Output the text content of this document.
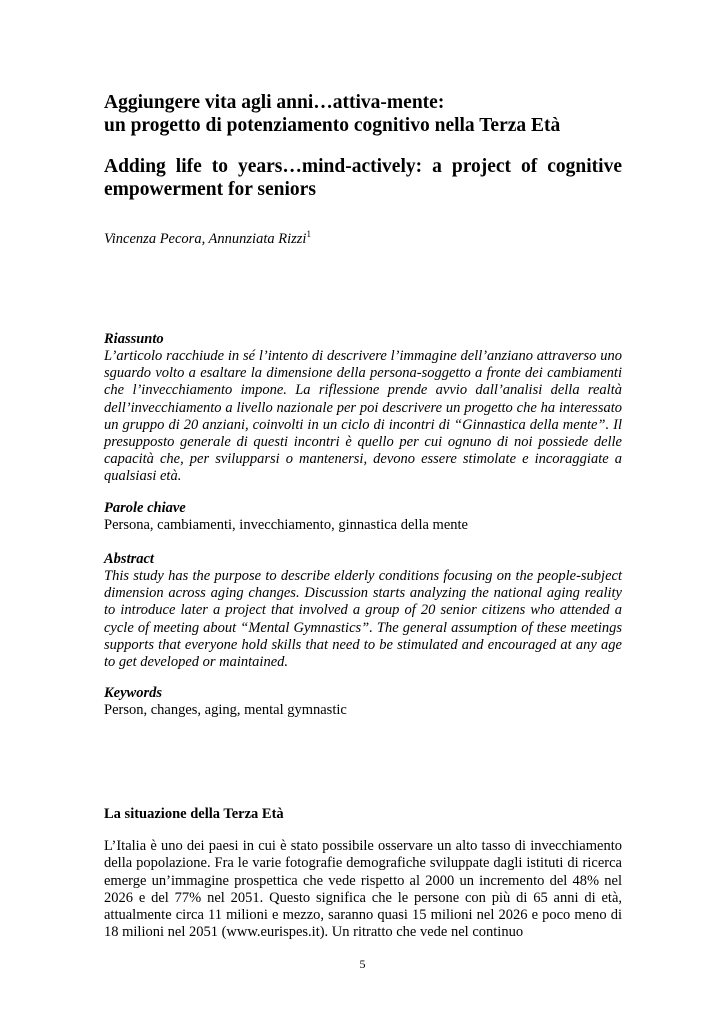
Aggiungere vita agli anni…attiva-mente:
un progetto di potenziamento cognitivo nella Terza Età
Adding life to years…mind-actively: a project of cognitive
empowerment for seniors
Vincenza Pecora, Annunziata Rizzi$^1$
Riassunto

L’articolo racchiude in sé l’intento di descrivere l’immagine dell’anziano attraverso uno sguardo volto a esaltare la dimensione della persona-soggetto a fronte dei cambiamenti che l’invecchiamento impone. La riflessione prende avvio dall’analisi della realtà dell’invecchiamento a livello nazionale per poi descrivere un progetto che ha interessato un gruppo di 20 anziani, coinvolti in un ciclo di incontri di “Ginnastica della mente”. Il presupposto generale di questi incontri è quello per cui ognuno di noi possiede delle capacità che, per svilupparsi o mantenersi, devono essere stimolate e incoraggiate a qualsiasi età.

Parole chiave

Persona, cambiamenti, invecchiamento, ginnastica della mente

Abstract

This study has the purpose to describe elderly conditions focusing on the people-subject dimension across aging changes. Discussion starts analyzing the national aging reality to introduce later a project that involved a group of 20 senior citizens who attended a cycle of meeting about “Mental Gymnastics”. The general assumption of these meetings supports that everyone hold skills that need to be stimulated and encouraged at any age to get developed or maintained.

Keywords

Person, changes, aging, mental gymnastic

La situazione della Terza Età

L’Italia è uno dei paesi in cui è stato possibile osservare un alto tasso di invecchiamento della popolazione. Fra le varie fotografie demografiche sviluppate dagli istituti di ricerca emerge un’immagine prospettica che vede rispetto al 2000 un incremento del 48% nel 2026 e del 77% nel 2051. Questo significa che le persone con più di 65 anni di età, attualmente circa 11 milioni e mezzo, saranno quasi 15 milioni nel 2026 e poco meno di 18 milioni nel 2051 (www.eurispes.it). Un ritratto che vede nel continuo

5
